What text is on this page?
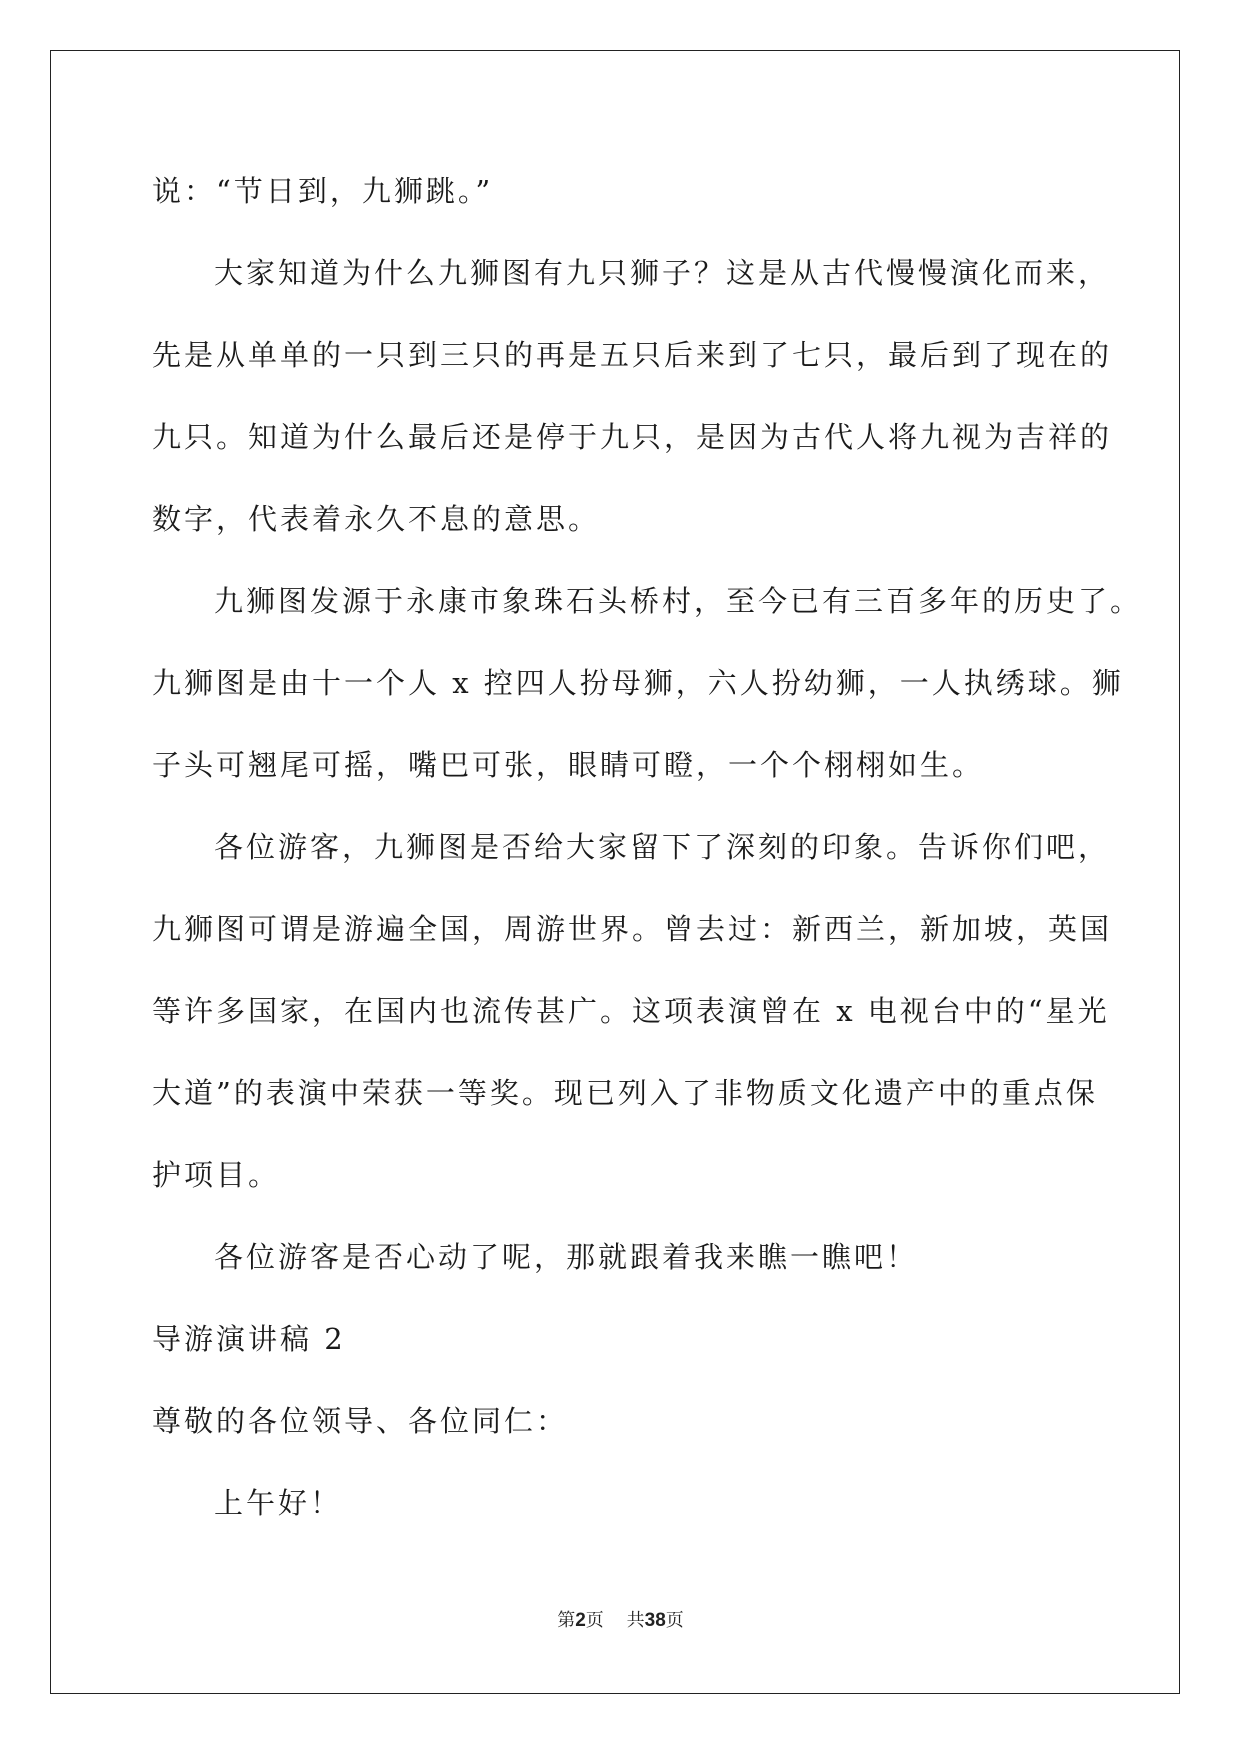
说：“节日到，九狮跳。”
大家知道为什么九狮图有九只狮子？这是从古代慢慢演化而来，
先是从单单的一只到三只的再是五只后来到了七只，最后到了现在的
九只。知道为什么最后还是停于九只，是因为古代人将九视为吉祥的
数字，代表着永久不息的意思。
九狮图发源于永康市象珠石头桥村，至今已有三百多年的历史了。
九狮图是由十一个人 x 控四人扮母狮，六人扮幼狮，一人执绣球。狮
子头可翘尾可摇，嘴巴可张，眼睛可瞪，一个个栩栩如生。
各位游客，九狮图是否给大家留下了深刻的印象。告诉你们吧，
九狮图可谓是游遍全国，周游世界。曾去过：新西兰，新加坡，英国
等许多国家，在国内也流传甚广。这项表演曾在 x 电视台中的“星光
大道”的表演中荣获一等奖。现已列入了非物质文化遗产中的重点保
护项目。
各位游客是否心动了呢，那就跟着我来瞧一瞧吧！
导游演讲稿 2
尊敬的各位领导、各位同仁：
上午好！
第2页 共38页
